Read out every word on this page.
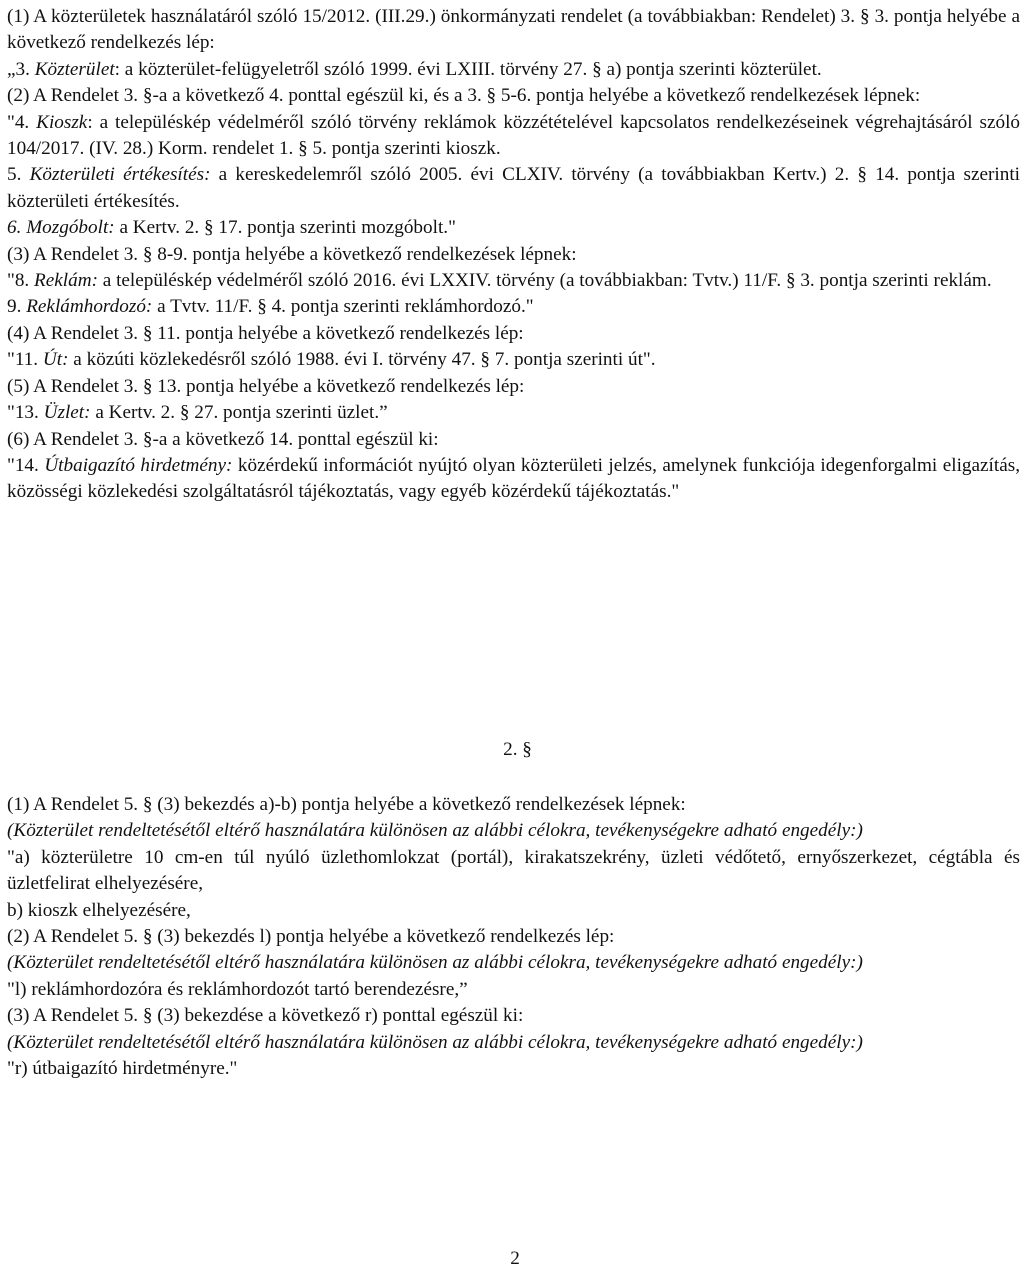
(1) A közterületek használatáról szóló 15/2012. (III.29.) önkormányzati rendelet (a továbbiakban: Rendelet) 3. § 3. pontja helyébe a következő rendelkezés lép:

„3. Közterület: a közterület-felügyeletről szóló 1999. évi LXIII. törvény 27. § a) pontja szerinti közterület.

(2) A Rendelet 3. §-a a következő 4. ponttal egészül ki, és a 3. § 5-6. pontja helyébe a következő rendelkezések lépnek:

"4. Kioszk: a településkép védelméről szóló törvény reklámok közzétételével kapcsolatos rendelkezéseinek végrehajtásáról szóló 104/2017. (IV. 28.) Korm. rendelet 1. § 5. pontja szerinti kioszk.

5. Közterületi értékesítés: a kereskedelemről szóló 2005. évi CLXIV. törvény (a továbbiakban Kertv.) 2. § 14. pontja szerinti közterületi értékesítés.

6. Mozgóbolt: a Kertv. 2. § 17. pontja szerinti mozgóbolt."

(3) A Rendelet 3. § 8-9. pontja helyébe a következő rendelkezések lépnek:

"8. Reklám: a településkép védelméről szóló 2016. évi LXXIV. törvény (a továbbiakban: Tvtv.) 11/F. § 3. pontja szerinti reklám.

9. Reklámhordozó: a Tvtv. 11/F. § 4. pontja szerinti reklámhordozó."

(4) A Rendelet 3. § 11. pontja helyébe a következő rendelkezés lép:

"11. Út: a közúti közlekedésről szóló 1988. évi I. törvény 47. § 7. pontja szerinti út".

(5) A Rendelet 3. § 13. pontja helyébe a következő rendelkezés lép:

"13. Üzlet: a Kertv. 2. § 27. pontja szerinti üzlet.”

(6) A Rendelet 3. §-a a következő 14. ponttal egészül ki:

"14. Útbaigazító hirdetmény: közérdekű információt nyújtó olyan közterületi jelzés, amelynek funkciója idegenforgalmi eligazítás, közösségi közlekedési szolgáltatásról tájékoztatás, vagy egyéb közérdekű tájékoztatás."

2. §

(1) A Rendelet 5. § (3) bekezdés a)-b) pontja helyébe a következő rendelkezések lépnek:

(Közterület rendeltetésétől eltérő használatára különösen az alábbi célokra, tevékenységekre adható engedély:)

"a) közterületre 10 cm-en túl nyúló üzlethomlokzat (portál), kirakatszekrény, üzleti védőtető, ernyőszerkezet, cégtábla és üzletfelirat elhelyezésére,

b) kioszk elhelyezésére,

(2) A Rendelet 5. § (3) bekezdés l) pontja helyébe a következő rendelkezés lép:

(Közterület rendeltetésétől eltérő használatára különösen az alábbi célokra, tevékenységekre adható engedély:)

"l) reklámhordozóra és reklámhordozót tartó berendezésre,”

(3) A Rendelet 5. § (3) bekezdése a következő r) ponttal egészül ki:

(Közterület rendeltetésétől eltérő használatára különösen az alábbi célokra, tevékenységekre adható engedély:)

"r) útbaigazító hirdetményre."

2
